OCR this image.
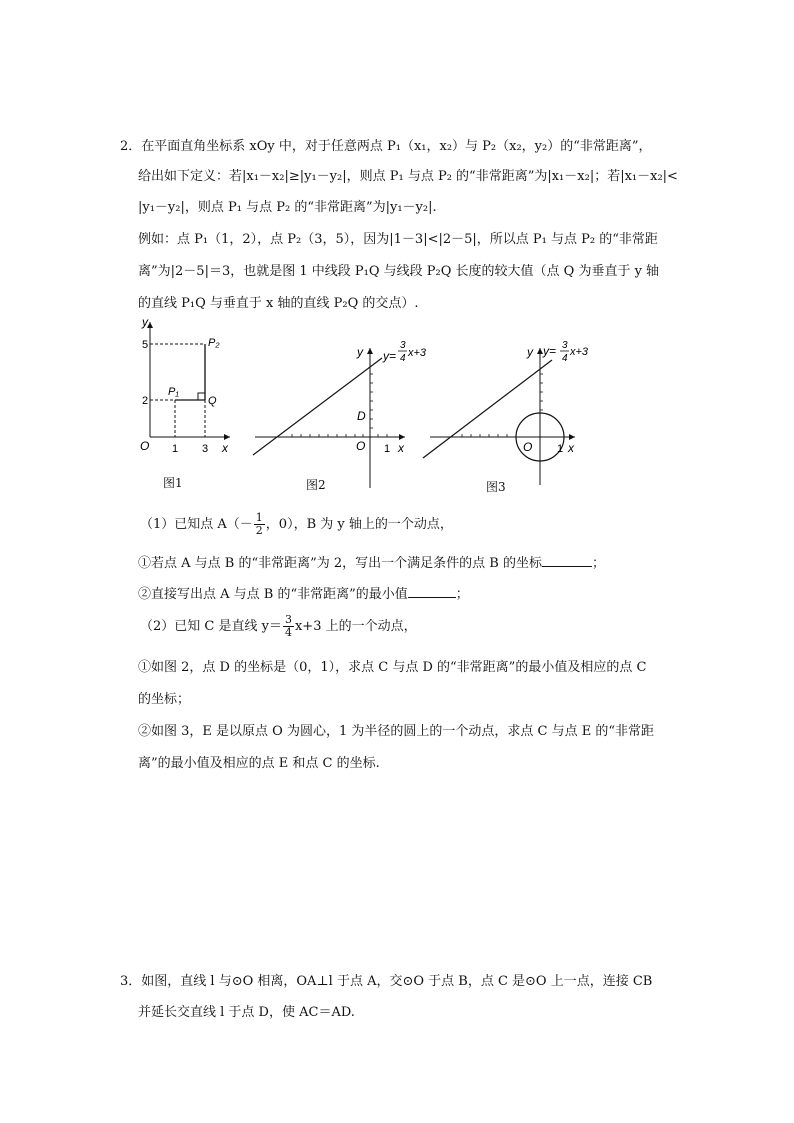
2．在平面直角坐标系 xOy 中，对于任意两点 P₁（x₁，x₂）与 P₂（x₂，y₂）的“非常距离”，
给出如下定义：若|x₁－x₂|≥|y₁－y₂|，则点 P₁ 与点 P₂ 的“非常距离”为|x₁－x₂|；若|x₁－x₂|<
|y₁－y₂|，则点 P₁ 与点 P₂ 的“非常距离”为|y₁－y₂|.
例如：点 P₁（1，2），点 P₂（3，5），因为|1－3|<|2－5|，所以点 P₁ 与点 P₂ 的“非常距
离”为|2－5|＝3，也就是图 1 中线段 P₁Q 与线段 P₂Q 长度的较大值（点 Q 为垂直于 y 轴
的直线 P₁Q 与垂直于 x 轴的直线 P₂Q 的交点）.
y
x
O 1 3
2
5
P₁
P₂
Q
图1
y
x
O 1
D
y=
3
4 x+3
图2
y
x
O 1
y= 3
4
x+3
图3
（1）已知点 $A(- \frac{1}{2}$ ，0），B 为 y 轴上的一个动点，
①若点 A 与点 B 的“非常距离”为 2，写出一个满足条件的点 B 的坐标	；
②直接写出点 A 与点 B 的“非常距离”的最小值	；
（2）已知 C 是直线 $y= \frac{3}{4} x+3$ 上的一个动点，
①如图 2，点 D 的坐标是（0，1），求点 C 与点 D 的“非常距离”的最小值及相应的点 C
的坐标；
②如图 3，E 是以原点 O 为圆心，1 为半径的圆上的一个动点，求点 C 与点 E 的“非常距
离”的最小值及相应的点 E 和点 C 的坐标.
3．如图，直线 l 与⊙O 相离，OA⊥l 于点 A，交⊙O 于点 B，点 C 是⊙O 上一点，连接 CB
并延长交直线 l 于点 D，使 AC＝AD.
